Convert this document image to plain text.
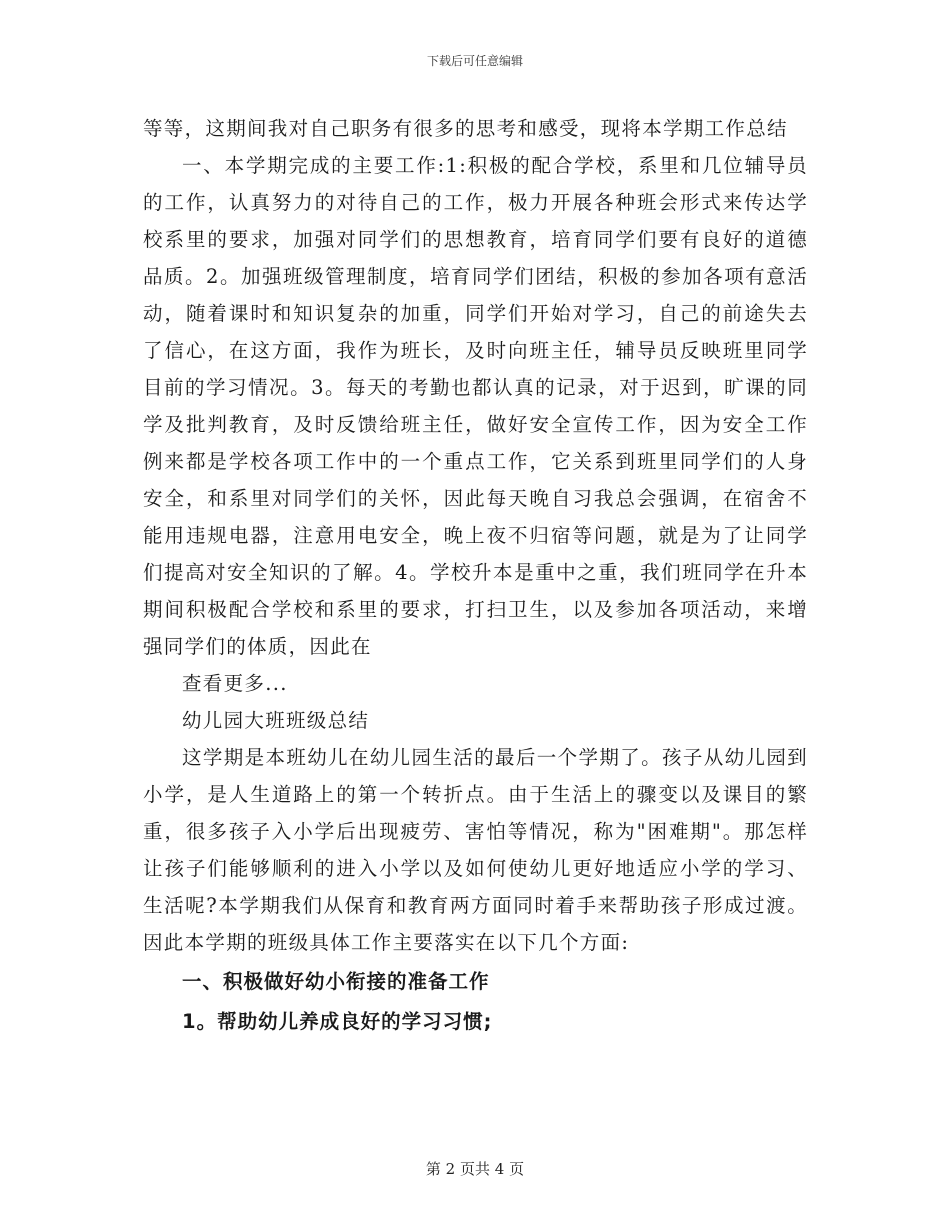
下载后可任意编辑

等等，这期间我对自己职务有很多的思考和感受，现将本学期工作总结

一、本学期完成的主要工作:1:积极的配合学校，系里和几位辅导员的工作，认真努力的对待自己的工作，极力开展各种班会形式来传达学校系里的要求，加强对同学们的思想教育，培育同学们要有良好的道德品质。2。加强班级管理制度，培育同学们团结，积极的参加各项有意活动，随着课时和知识复杂的加重，同学们开始对学习，自己的前途失去了信心，在这方面，我作为班长，及时向班主任，辅导员反映班里同学目前的学习情况。3。每天的考勤也都认真的记录，对于迟到，旷课的同学及批判教育，及时反馈给班主任，做好安全宣传工作，因为安全工作例来都是学校各项工作中的一个重点工作，它关系到班里同学们的人身安全，和系里对同学们的关怀，因此每天晚自习我总会强调，在宿舍不能用违规电器，注意用电安全，晚上夜不归宿等问题，就是为了让同学们提高对安全知识的了解。4。学校升本是重中之重，我们班同学在升本期间积极配合学校和系里的要求，打扫卫生，以及参加各项活动，来增强同学们的体质，因此在

查看更多...

幼儿园大班班级总结

这学期是本班幼儿在幼儿园生活的最后一个学期了。孩子从幼儿园到小学，是人生道路上的第一个转折点。由于生活上的骤变以及课目的繁重，很多孩子入小学后出现疲劳、害怕等情况，称为"困难期"。那怎样让孩子们能够顺利的进入小学以及如何使幼儿更好地适应小学的学习、生活呢?本学期我们从保育和教育两方面同时着手来帮助孩子形成过渡。因此本学期的班级具体工作主要落实在以下几个方面:

一、积极做好幼小衔接的准备工作

1。帮助幼儿养成良好的学习习惯;

第 2 页共 4 页
